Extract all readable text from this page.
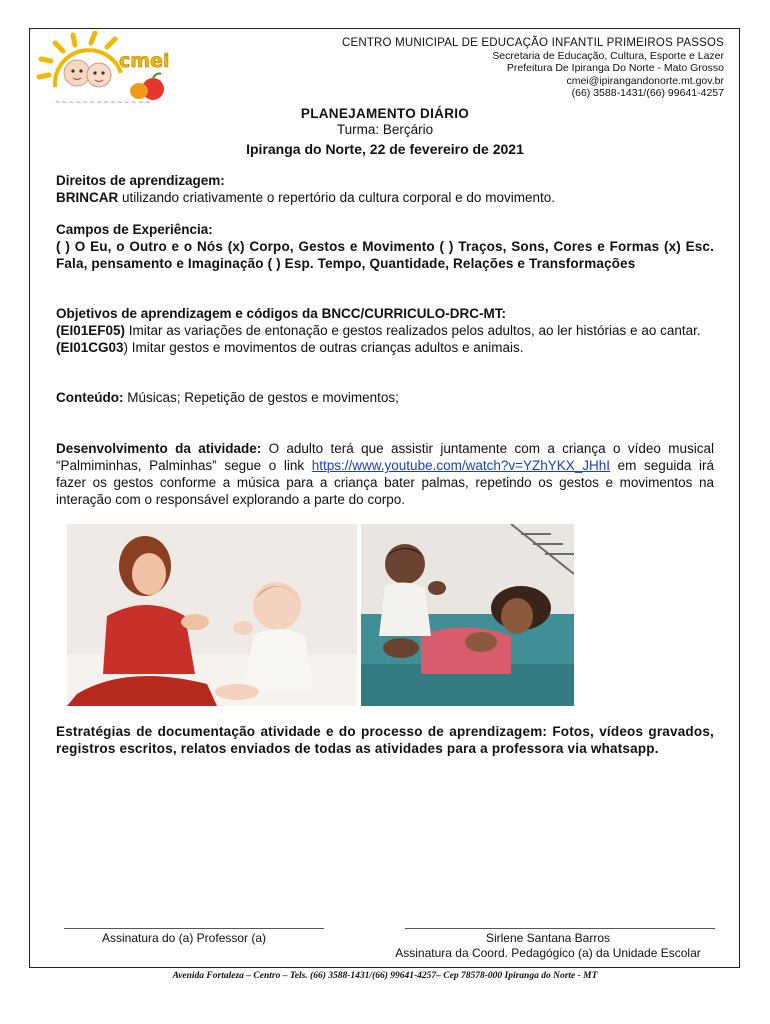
cmei
~ ~ ~ ~ ~ ~ ~ ~ ~ ~ ~ ~ ~ ~
CENTRO MUNICIPAL DE EDUCAÇÃO INFANTIL PRIMEIROS PASSOS
Secretaria de Educação, Cultura, Esporte e Lazer
Prefeitura De Ipiranga Do Norte - Mato Grosso
cmei@ipirangandonorte.mt.gov.br
(66) 3588-1431/(66) 99641-4257
PLANEJAMENTO DIÁRIO
Turma: Berçário
Ipiranga do Norte, 22 de fevereiro de 2021
Direitos de aprendizagem:
BRINCAR utilizando criativamente o repertório da cultura corporal e do movimento.
Campos de Experiência:
( ) O Eu, o Outro e o Nós (x) Corpo, Gestos e Movimento ( ) Traços, Sons, Cores e Formas (x) Esc. Fala, pensamento e Imaginação ( ) Esp. Tempo, Quantidade, Relações e Transformações
Objetivos de aprendizagem e códigos da BNCC/CURRICULO-DRC-MT:
(EI01EF05) Imitar as variações de entonação e gestos realizados pelos adultos, ao ler histórias e ao cantar.
(EI01CG03) Imitar gestos e movimentos de outras crianças adultos e animais.
Conteúdo: Músicas; Repetição de gestos e movimentos;
Desenvolvimento da atividade: O adulto terá que assistir juntamente com a criança o vídeo musical “Palmiminhas, Palminhas” segue o link https://www.youtube.com/watch?v=YZhYKX_JHhI em seguida irá fazer os gestos conforme a música para a criança bater palmas, repetindo os gestos e movimentos na interação com o responsável explorando a parte do corpo.
Estratégias de documentação atividade e do processo de aprendizagem: Fotos, vídeos gravados, registros escritos, relatos enviados de todas as atividades para a professora via whatsapp.
Assinatura do (a) Professor (a)	Sirlene Santana Barros
Assinatura da Coord. Pedagógico (a) da Unidade Escolar
Avenida Fortaleza – Centro – Tels. (66) 3588-1431/(66) 99641-4257– Cep 78578-000 Ipiranga do Norte - MT
